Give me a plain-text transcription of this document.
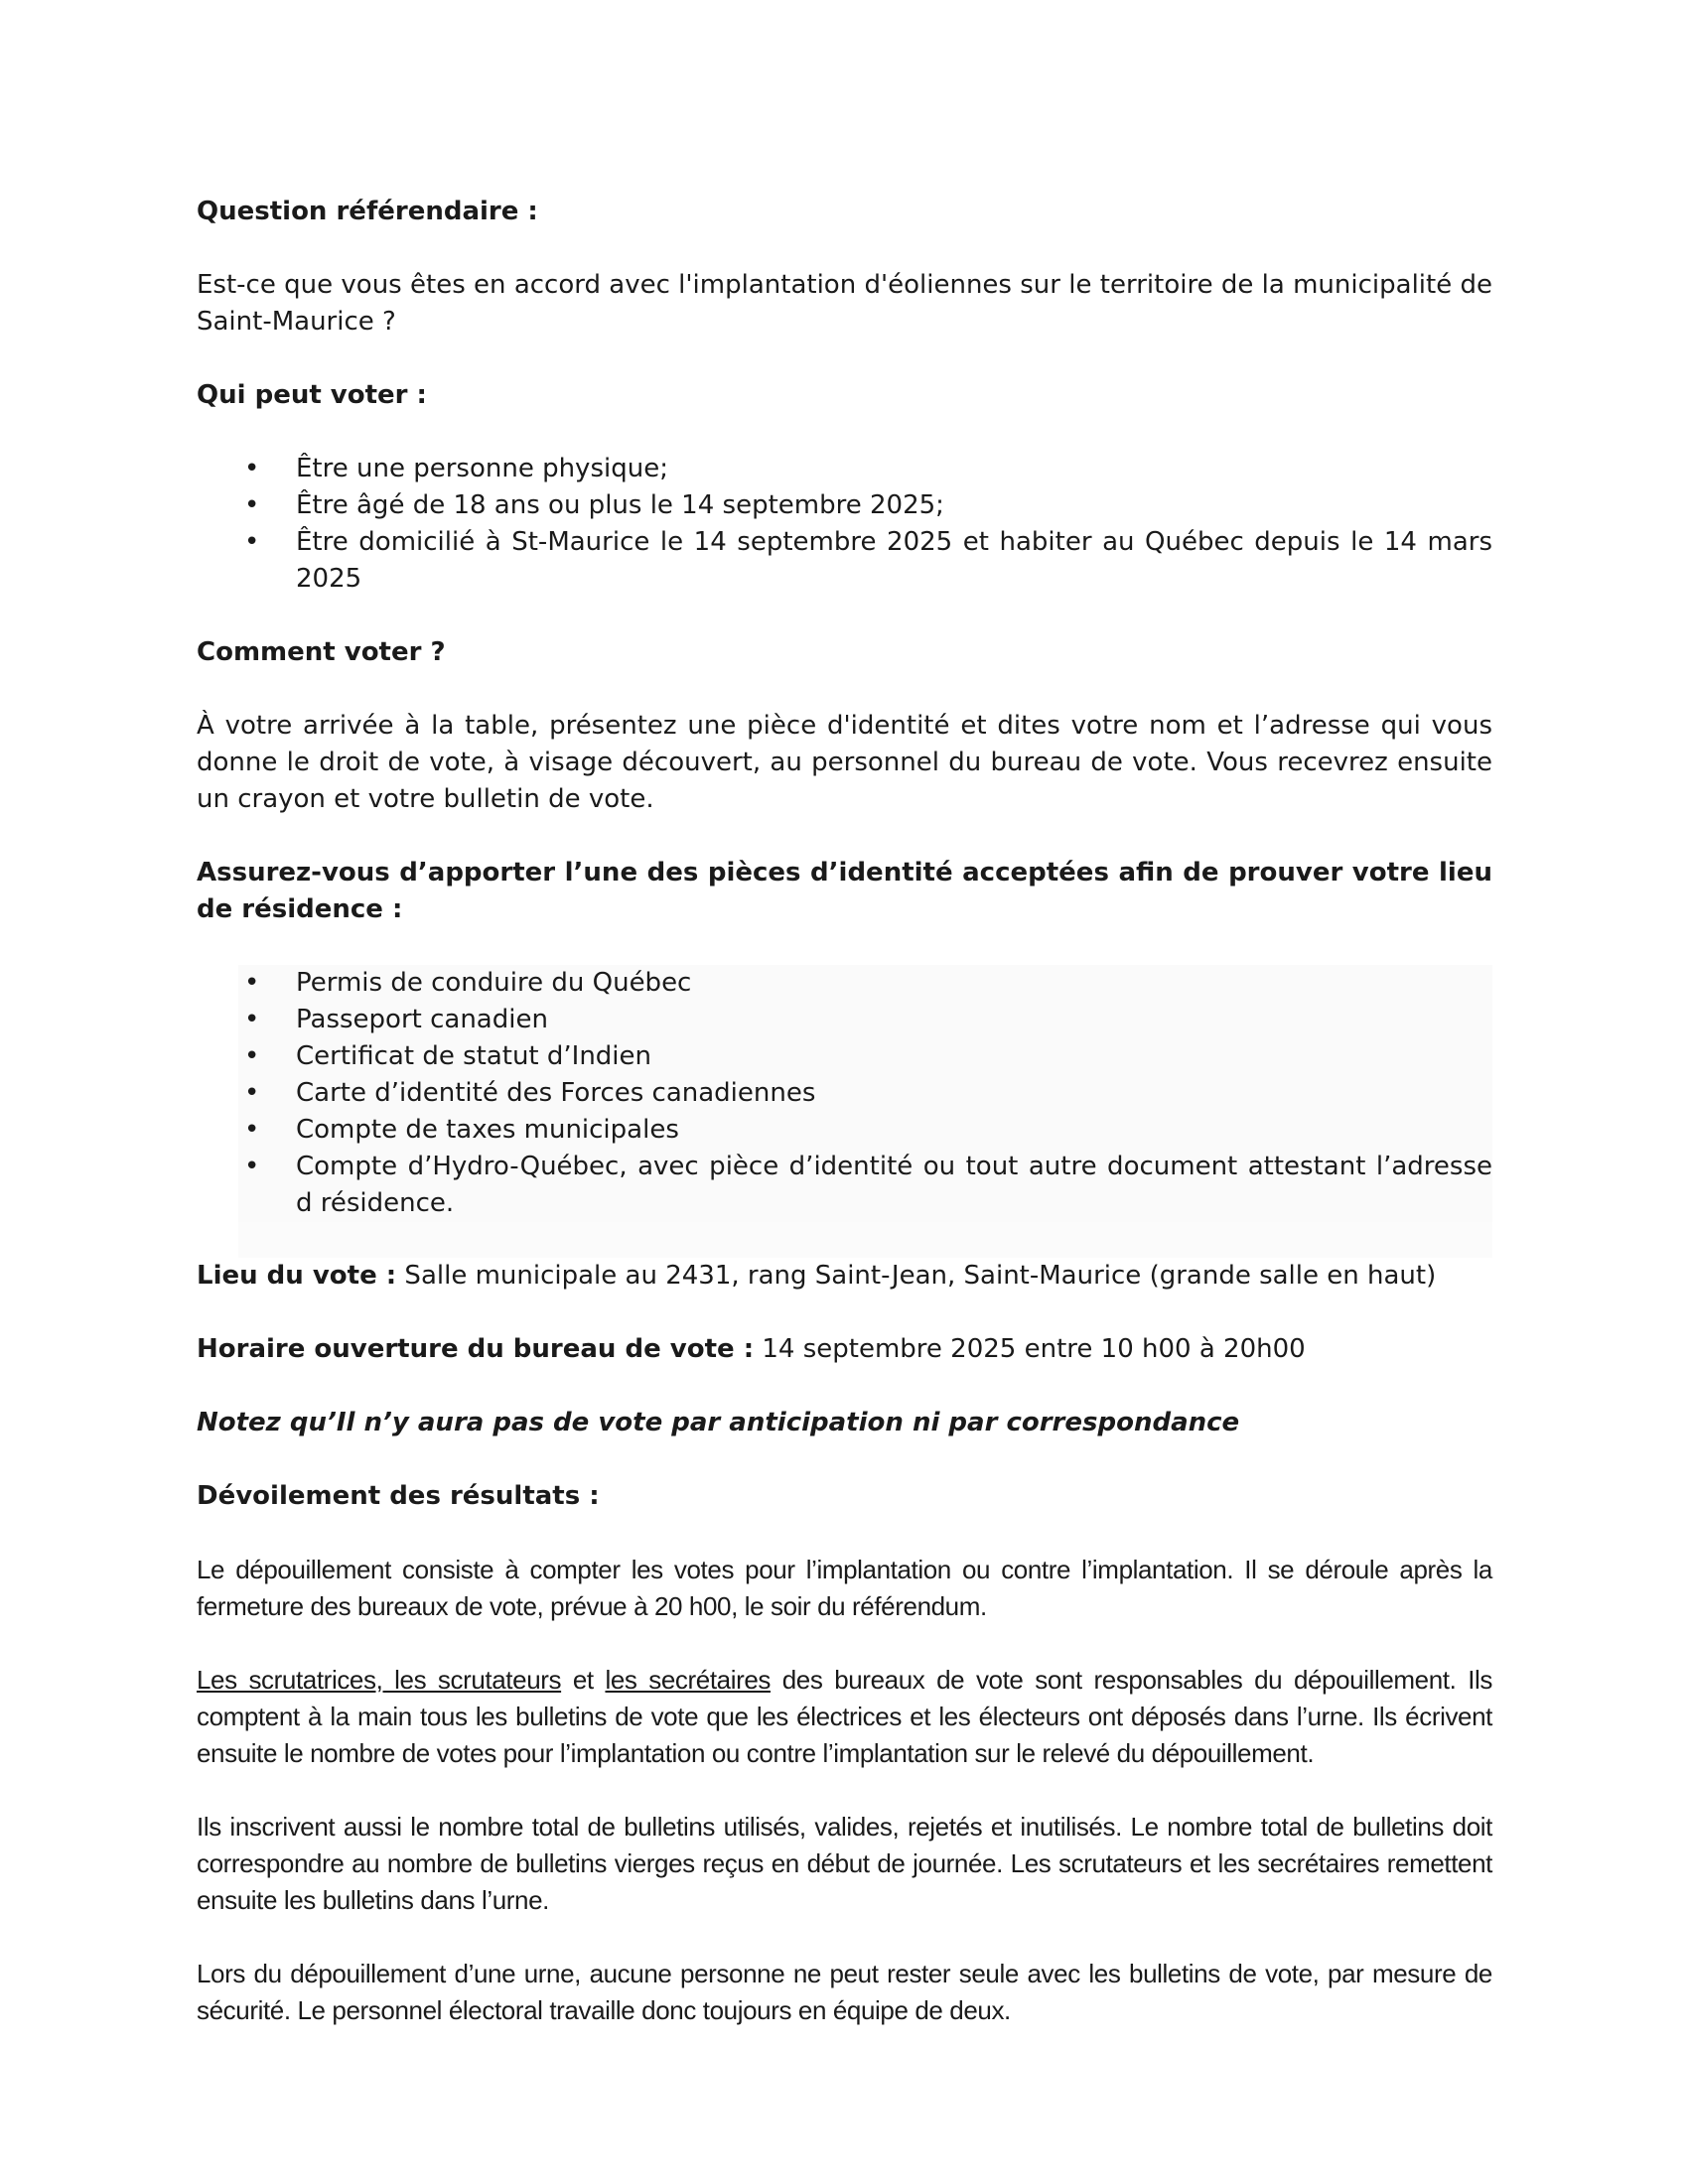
Question référendaire :

Est-ce que vous êtes en accord avec l'implantation d'éoliennes sur le territoire de la municipalité de Saint-Maurice ?

Qui peut voter :

• Être une personne physique;
• Être âgé de 18 ans ou plus le 14 septembre 2025;
• Être domicilié à St-Maurice le 14 septembre 2025 et habiter au Québec depuis le 14 mars 2025

Comment voter ?

À votre arrivée à la table, présentez une pièce d'identité et dites votre nom et l’adresse qui vous donne le droit de vote, à visage découvert, au personnel du bureau de vote. Vous recevrez ensuite un crayon et votre bulletin de vote.

Assurez-vous d’apporter l’une des pièces d’identité acceptées afin de prouver votre lieu de résidence :

• Permis de conduire du Québec
• Passeport canadien
• Certificat de statut d’Indien
• Carte d’identité des Forces canadiennes
• Compte de taxes municipales
• Compte d’Hydro-Québec, avec pièce d’identité ou tout autre document attestant l’adresse d résidence.

Lieu du vote : Salle municipale au 2431, rang Saint-Jean, Saint-Maurice (grande salle en haut)

Horaire ouverture du bureau de vote : 14 septembre 2025 entre 10 h00 à 20h00

Notez qu’Il n’y aura pas de vote par anticipation ni par correspondance

Dévoilement des résultats :

Le dépouillement consiste à compter les votes pour l’implantation ou contre l’implantation. Il se déroule après la fermeture des bureaux de vote, prévue à 20 h00, le soir du référendum.

Les scrutatrices, les scrutateurs et les secrétaires des bureaux de vote sont responsables du dépouillement. Ils comptent à la main tous les bulletins de vote que les électrices et les électeurs ont déposés dans l’urne. Ils écrivent ensuite le nombre de votes pour l’implantation ou contre l’implantation sur le relevé du dépouillement.

Ils inscrivent aussi le nombre total de bulletins utilisés, valides, rejetés et inutilisés. Le nombre total de bulletins doit correspondre au nombre de bulletins vierges reçus en début de journée. Les scrutateurs et les secrétaires remettent ensuite les bulletins dans l’urne.

Lors du dépouillement d’une urne, aucune personne ne peut rester seule avec les bulletins de vote, par mesure de sécurité. Le personnel électoral travaille donc toujours en équipe de deux.
